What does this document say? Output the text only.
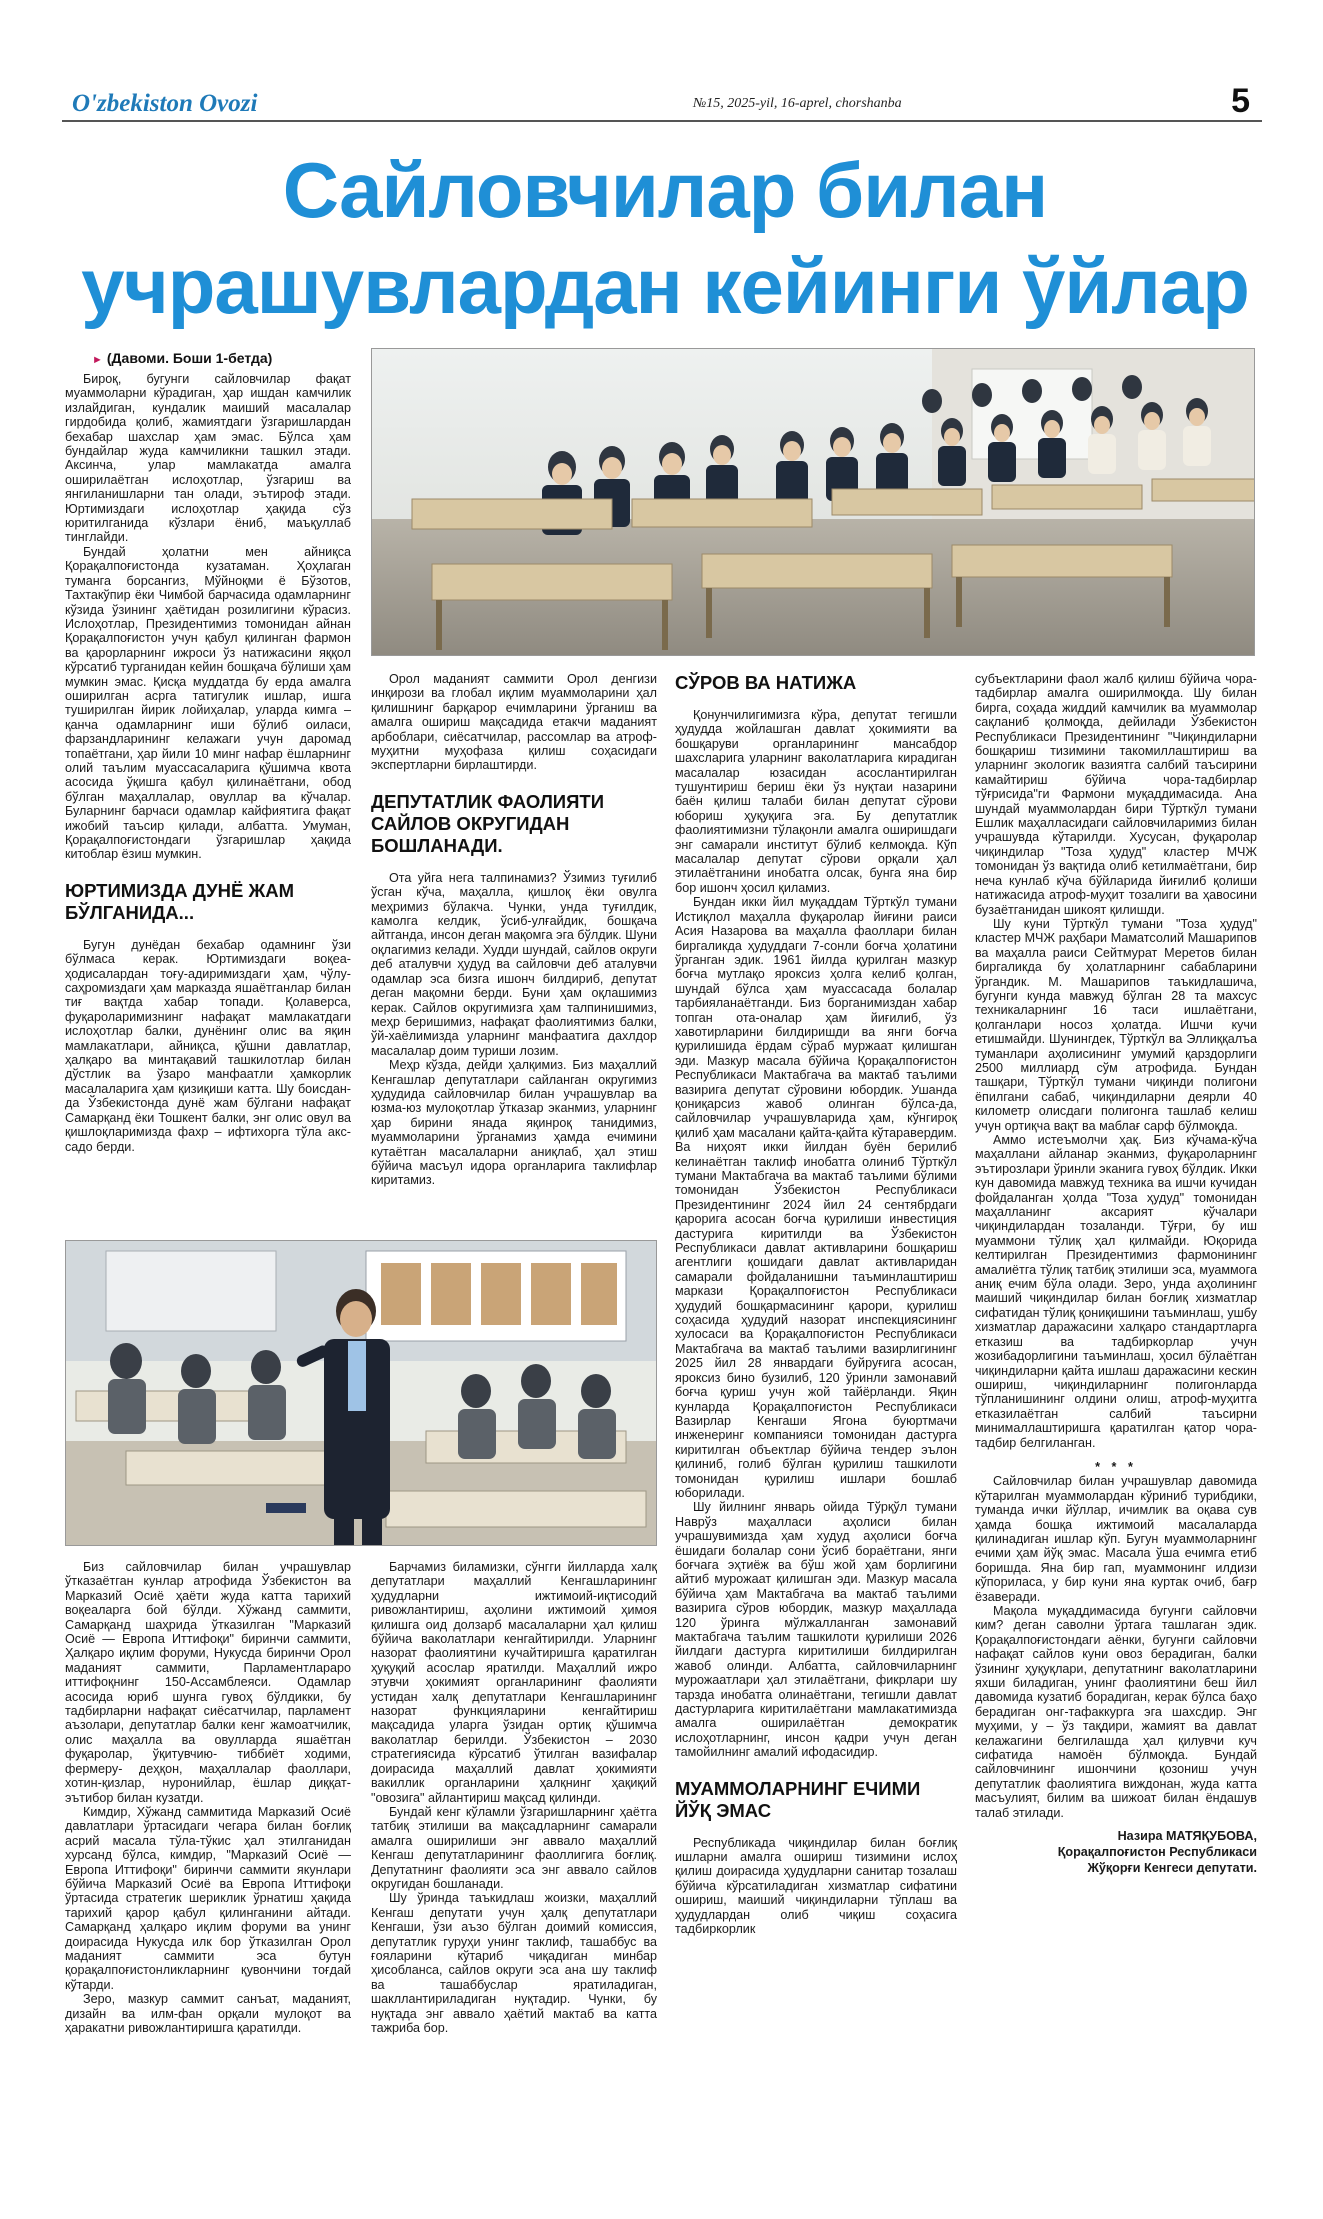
O'zbekiston Ovozi	№15, 2025-yil, 16-aprel, chorshanba	5
Сайловчилар билан
учрашувлардан кейинги ўйлар
► (Давоми. Боши 1-бетда)

Бироқ, бугунги сайловчилар фақат муаммоларни кўрадиган, ҳар ишдан камчилик излайдиган, кундалик маиший масалалар гирдобида қолиб, жамиятдаги ўзгаришлардан бехабар шахслар ҳам эмас. Бўлса ҳам бундайлар жуда камчиликни ташкил этади. Аксинча, улар мамлакатда амалга оширилаётган ислоҳотлар, ўзгариш ва янгиланишларни тан олади, эътироф этади. Юртимиздаги ислоҳотлар ҳақида сўз юритилганида кўзлари ёниб, маъқуллаб тинглайди.

Бундай ҳолатни мен айниқса Қорақалпоғистонда кузатаман. Ҳоҳлаган тумaнга борсангиз, Мўйноқми ё Бўзотов, Тахтакўпир ёки Чимбой барчасида одамларнинг кўзида ўзининг ҳаётидан розилигини кўрасиз. Ислоҳотлар, Президентимиз томонидан айнан Қорақалпоғистон учун қабул қилинган фармон ва қарорларнинг ижроси ўз натижасини яққол кўрсатиб турганидан кейин бошқача бўлиши ҳам мумкин эмас. Қисқа муддатда бу ерда амалга оширилган асрга татигулик ишлар, ишга туширилган йирик лойиҳалар, уларда кимга – қанча одамларнинг иши бўлиб оилаcи, фарзандларининг келажаги учун даромад топаётгани, ҳар йили 10 минг нафар ёшларнинг олий таълим муассасаларига қўшимча квота асосида ўқишга қабул қилинаётгани, обод бўлган маҳаллалар, овуллар ва кўчалар. Буларнинг барчаси одамлар кайфиятига фақат ижобий таъсир қилади, албатта. Умуман, Қорақалпоғистондаги ўзгаришлар ҳақида китоблар ёзиш мумкин.

ЮРТИМИЗДА ДУНЁ ЖАМ БЎЛГАНИДА...

Бугун дунёдан бехабар одамнинг ўзи бўлмаса керак. Юртимиздаги воқеа-ҳодисалардан тоғу-адиримиздаги ҳам, чўлу-саҳромиздаги ҳам марказда яшаётганлар билан тиғ вақтда хабар топади. Қолаверса, фуқароларимизнинг нафақат мамлакатдаги ислоҳотлар балки, дунёнинг олис ва яқин мамлакатлари, айниқса, қўшни давлатлар, ҳалқаро ва минтақавий ташкилотлар билан дўстлик ва ўзаро манфаатли ҳамкорлик масалаларига ҳам қизиқиши катта. Шу боисдан-да Ўзбекистонда дунё жам бўлгани нафақат Самарқанд ёки Тошкент балки, энг олис овул ва қишлоқларимизда фахр – ифтихорга тўла акс-садо берди.

Орол маданият саммити Орол денгизи инқирози ва глобал иқлим муаммоларини ҳал қилишнинг барқарор ечимларини ўрганиш ва амалга ошириш мақсадида етакчи маданият арбоблари, сиёсатчилар, рассомлар ва атроф-муҳитни муҳофаза қилиш соҳасидаги экспертларни бирлаштирди.

ДЕПУТАТЛИК ФАОЛИЯТИ САЙЛОВ ОКРУГИДАН БОШЛАНАДИ.

Ота уйга нега талпинамиз? Ўзимиз туғилиб ўсган кўча, маҳалла, қишлоқ ёки овулга меҳримиз бўлакча. Чунки, унда туғилдик, камолга келдик, ўсиб-улғайдик, бошқача айтганда, инсон деган мақомга эга бўлдик. Шуни оқлагимиз келади. Худди шундай, сайлов округи деб аталувчи ҳудуд ва сайловчи деб аталувчи одамлар эса бизга ишонч билдириб, депутат деган мақомни берди. Буни ҳам оқлашимиз керак. Сайлов округимизга ҳам талпинишимиз, меҳр беришимиз, нафақат фаолиятимиз балки, ўй-хаёлимизда уларнинг манфаатига дахлдор масалалар доим туриши лозим.

Меҳр кўзда, дейди ҳалқимиз. Биз маҳаллий Кенгашлар депутатлари сайланган округимиз ҳудудида сайловчилар билан учрашувлар ва юзма-юз мулоқотлар ўтказар эканмиз, уларнинг ҳар бирини янада яқинроқ танидимиз, муаммоларини ўрганамиз ҳамда ечимини кутаётган масалаларни аниқлаб, ҳал этиш бўйича масъул идора органларига таклифлар киритамиз.

СЎРОВ ВА НАТИЖА

Қонунчилигимизга кўра, депутат тегишли ҳудудда жойлашган давлат ҳокимияти ва бошқаруви органларининг мансабдор шахсларига уларнинг ваколатларига кирадиган масалалар юзасидан асослантирилган тушунтириш бериш ёки ўз нуқтаи назарини баён қилиш талаби билан депутат сўрови юбориш ҳуқуқига эга. Бу депутатлик фаолиятимизни тўлақонли амалга оширишдаги энг самарали институт бўлиб келмоқда. Кўп масалалар депутат сўрови орқали ҳал этилаётганини инобатга олсак, бунга яна бир бор ишонч ҳосил қиламиз.

Бундан икки йил муқаддам Тўрткўл тумани Истиқлол маҳалла фуқаролар йиғини раиси Асия Назарова ва маҳалла фаоллари билан биргаликда ҳудуддаги 7-сонли боғча ҳолатини ўрганган эдик. 1961 йилда қурилган мазкур боғча мутлақо ярокcиз ҳолга келиб қолган, шундай бўлса ҳам муассасада болалар тарбияланаётганди. Биз борганимиздан хабар топган ота-оналар ҳам йиғилиб, ўз хавотирларини билдиришди ва янги боғча қурилишида ёрдам сўраб муржаат қилишган эди. Мазкур масала бўйича Қорақалпоғистон Республикаси Мактабгача ва мактаб таълими вазирига депутат сўровини юбордик. Ушанда қониқарсиз жавоб олинган бўлса-да, сайловчилар учрашувларида ҳам, кўнгироқ қилиб ҳам масалани қайта-қайта кўтаравердим. Ва ниҳоят икки йилдан буён берилиб келинаётган таклиф инобатга олиниб Тўрткўл тумани Мактабгача ва мактаб таълими бўлими томонидан Ўзбекистон Республикаси Президентининг 2024 йил 24 сентябрдаги қарорига асосан боғча қурилиши инвестиция дастурига киритилди ва Ўзбекистон Республикаси давлат активларини бошқариш агентлиги қошидаги давлат активларидан самарали фойдаланишни таъминлаштириш маркази Қорақалпоғистон Республикаси ҳудудий бошқармасининг қарори, қурилиш соҳасида ҳудудий назорат инспекциясининг хулосаси ва Қорақалпоғистон Республикаси Мактабгача ва мактаб таълими вазирлигининг 2025 йил 28 январдаги буйруғига асосан, ярокcиз бино бузилиб, 120 ўринли замонавий боғча қуриш учун жой тайёрланди. Яқин кунларда Қорақалпоғистон Республикаси Вазирлар Кенгаши Ягона буюртмачи инженеринг компанияси томонидан дастурга киритилган объектлар бўйича тендер эълон қилиниб, голиб бўлган қурилиш ташкилоти томонидан қурилиш ишлари бошлаб юборилади.

Шу йилнинг январь ойида Тўрқўл тумани Наврўз маҳалласи аҳолиси билан учрашувимизда ҳам худуд аҳолиси боғча ёшидаги болалар сони ўсиб бораётгани, янги боғчага эҳтиёж ва бўш жой ҳам борлигини айтиб мурожаат қилишган эди. Мазкур масала бўйича ҳам Мактабгача ва мактаб таълими вазирига сўров юбордик, мазкур маҳаллада 120 ўринга мўлжалланган замонавий мактабгача таълим ташкилоти қурилиши 2026 йилдаги дастурга киритилиши билдирилган жавоб олинди. Албатта, сайловчиларнинг мурожаатлари ҳал этилаётгани, фикрлари шу тарзда инобатга олинаётгани, тегишли давлат дастурларига киритилаётгани мамлакатимизда амалга оширилаётган демократик ислоҳотларнинг, инсон қадри учун деган тамойилнинг амалий ифодасидир.

МУАММОЛАРНИНГ ЕЧИМИ ЙЎҚ ЭМАС

Республикада чиқиндилар билан боғлиқ ишларни амалга ошириш тизимини ислоҳ қилиш доирасида ҳудудларни санитар тозалаш бўйича кўрсатиладиган хизматлар сифатини ошириш, маиший чиқиндиларни тўплаш ва ҳудудлардан олиб чиқиш соҳасига тадбиркорлик

субъектларини фаол жалб қилиш бўйича чора-тадбирлар амалга оширилмоқда. Шу билан бирга, соҳада жиддий камчилик ва муаммолар сақланиб қолмоқда, дейилади Ўзбекистон Республикаси Президентининг "Чиқиндиларни бошқариш тизимини такомиллаштириш ва уларнинг экологик вазиятга салбий таъсирини камайтириш бўйича чора-тадбирлар тўғрисида"ги Фармони муқаддимасида. Ана шундай муаммолардан бири Тўрткўл тумани Ешлик маҳалласидаги сайловчиларимиз билан учрашувда кўтарилди. Хусусан, фуқаролар чиқиндилар "Тоза ҳудуд" кластер МЧЖ томонидан ўз вақтида олиб кетилмаётгани, бир неча кунлаб кўча бўйларида йиғилиб қолиши натижасида атроф-муҳит тозалиги ва ҳавосини бузаётганидан шикоят қилишди.

Шу куни Тўрткўл тумани "Тоза ҳудуд" кластер МЧЖ раҳбари Маматсолий Машарипов ва маҳалла раиси Сейтмурат Меретов билан биргаликда бу ҳолатларнинг сабабларини ўргандик. М. Машарипов таъкидлашича, бугунги кунда мавжуд бўлган 28 та махсус техникаларнинг 16 таси ишлаётгани, қолганлари носоз ҳолатда. Ишчи кучи етишмайди. Шунингдек, Тўрткўл ва Эллиққалъа туманлари аҳолисининг умумий қарздорлиги 2500 миллиард сўм атрофида. Бундан ташқари, Тўрткўл тумани чиқинди полигони ёпилгани сабаб, чиқиндиларни деярли 40 километр олисдаги полигонга ташлаб келиш учун ортиқча вақт ва маблағ сарф бўлмоқда.

Аммо истеъмолчи ҳақ. Биз кўчама-кўча маҳаллани айланар эканмиз, фуқароларнинг эътирозлари ўринли эканига гувоҳ бўлдик. Икки кун давомида мавжуд техника ва ишчи кучидан фойдаланган ҳолда "Тоза ҳудуд" томонидан маҳалланинг аксарият кўчалари чиқиндилардан тозаланди. Тўғри, бу иш муаммони тўлиқ ҳал қилмайди. Юқорида келтирилган Президентимиз фармонининг амалиётга тўлиқ татбиқ этилиши эса, муаммога аниқ ечим бўла олади. Зеро, унда аҳолининг маиший чиқиндилар билан боғлиқ хизматлар сифатидан тўлиқ қониқишини таъминлаш, ушбу хизматлар даражасини халқаро стандартларга етказиш ва тадбиркорлар учун жозибадорлигини таъминлаш, ҳосил бўлаётган чиқиндиларни қайта ишлаш даражасини кескин ошириш, чиқиндиларнинг полигонларда тўпланишининг олдини олиш, атроф-муҳитга етказилаётган салбий таъсирни минималлаштиришга қаратилган қатор чора-тадбир белгиланган.

* * *

Сайловчилар билан учрашувлар давомида кўтарилган муаммолардан кўриниб турибдики, туманда ички йўллар, ичимлик ва оқава сув ҳамда бошқа ижтимоий масалаларда қилинадиган ишлар кўп. Бугун муаммоларнинг ечими ҳам йўқ эмас. Масала ўша ечимга етиб боришда. Яна бир гап, муаммонинг илдизи кўпориласа, у бир куни яна куртак очиб, бағр ёзаверади.

Мақола муқаддимасида бугунги сайловчи ким? деган саволни ўртага ташлаган эдик. Қорақалпоғистондаги аёнки, бугунги сайловчи нафақат сайлов куни овоз берадиган, балки ўзининг ҳуқуқлари, депутатнинг ваколатларини яхши биладиган, унинг фаолиятини беш йил давомида кузатиб борадиган, керак бўлса баҳо берадиган онг-тафаккурга эга шахсдир. Энг муҳими, у – ўз тақдири, жамият ва давлат келажагини белгилашда ҳал қилувчи куч сифатида намоён бўлмоқда. Бундай сайловчининг ишончини қозониш учун депутатлик фаолиятига виждонан, жуда катта масъулият, билим ва шижоат билан ёндашув талаб этилади.

Назира МАТЯҚУБОВА,
Қорақалпоғистон Республикаси
Жўқорғи Кенгеси депутати.

Биз сайловчилар билан учрашувлар ўтказаётган кунлар атрофида Ўзбекистон ва Марказий Осиё ҳаёти жуда катта тарихий воқеаларга бой бўлди. Хўжанд саммити, Самарқанд шаҳрида ўтказилган "Марказий Осиё — Европа Иттифоқи" биринчи саммити, Ҳалқаро иқлим форуми, Нукусда биринчи Орол маданият саммити, Парламентлараро иттифоқнинг 150-Ассамблеяси. Одамлар асосида юриб шунга гувоҳ бўлдикки, бу тадбирларни нафақат сиёсатчилар, парламент аъзолари, депутатлар балки кенг жамоатчилик, олис маҳалла ва овулларда яшаётган фуқаролар, ўқитувчию- тиббиёт ходими, фермеру- деҳқон, маҳаллалар фаоллари, хотин-қизлар, нуронийлар, ёшлар диққат- эътибор билан кузатди.

Кимдир, Хўжанд саммитида Марказий Осиё давлатлари ўртасидаги чегара билан боғлиқ асрий масала тўла-тўкис ҳал этилганидан хурсанд бўлса, кимдир, "Марказий Осиё — Европа Иттифоқи" биринчи саммити якунлари бўйича Марказий Осиё ва Европа Иттифоқи ўртасида стратегик шериклик ўрнатиш ҳақида тарихий қарор қабул қилинганини айтади. Самарқанд ҳалқаро иқлим форуми ва унинг доирасида Нукусда илк бор ўтказилган Орол маданият саммити эса бутун қорақалпоғистонликларнинг қувончини тоғдай кўтарди.

Зеро, мазкур саммит санъат, маданият, дизайн ва илм-фан орқали мулоқот ва ҳаракатни ривожлантиришга қаратилди.

Барчамиз биламизки, сўнгги йилларда халқ депутатлари маҳаллий Кенгашларининг ҳудудларни ижтимоий-иқтисодий ривожлантириш, аҳолини ижтимоий ҳимоя қилишга оид долзарб масалаларни ҳал қилиш бўйича ваколатлари кенгайтирилди. Уларнинг назорат фаолиятини кучайтиришга қаратилган ҳуқуқий асослар яратилди. Маҳаллий ижро этувчи ҳокимият органларининг фаолияти устидан халқ депутатлари Кенгашларининг назорат функцияларини кенгайтириш мақсадида уларга ўзидан ортиқ қўшимча ваколатлар берилди. Ўзбекистон – 2030 стратегиясида кўрсатиб ўтилган вазифалар доирасида маҳаллий давлат ҳокимияти вакиллик органларини ҳалқнинг ҳақиқий "овозига" айлантириш мақсад қилинди.

Бундай кенг кўламли ўзгаришларнинг ҳаётга татбиқ этилиши ва мақсадларнинг самарали амалга оширилиши энг аввало маҳаллий Кенгаш депутатларининг фаоллигига боғлиқ. Депутатнинг фаолияти эса энг аввало сайлов округидан бошланади.

Шу ўринда таъкидлаш жоизки, маҳаллий Кенгаш депутати учун ҳалқ депутатлари Кенгаши, ўзи аъзо бўлган доимий комиссия, депутатлик гуруҳи унинг таклиф, ташаббус ва ғояларини кўтариб чиқадиган минбар ҳисобланса, сайлов округи эса ана шу таклиф ва ташаббуслар яратиладиган, шакллантириладиган нуқтадир. Чунки, бу нуқтада энг аввало ҳаётий мактаб ва катта тажриба бор.
